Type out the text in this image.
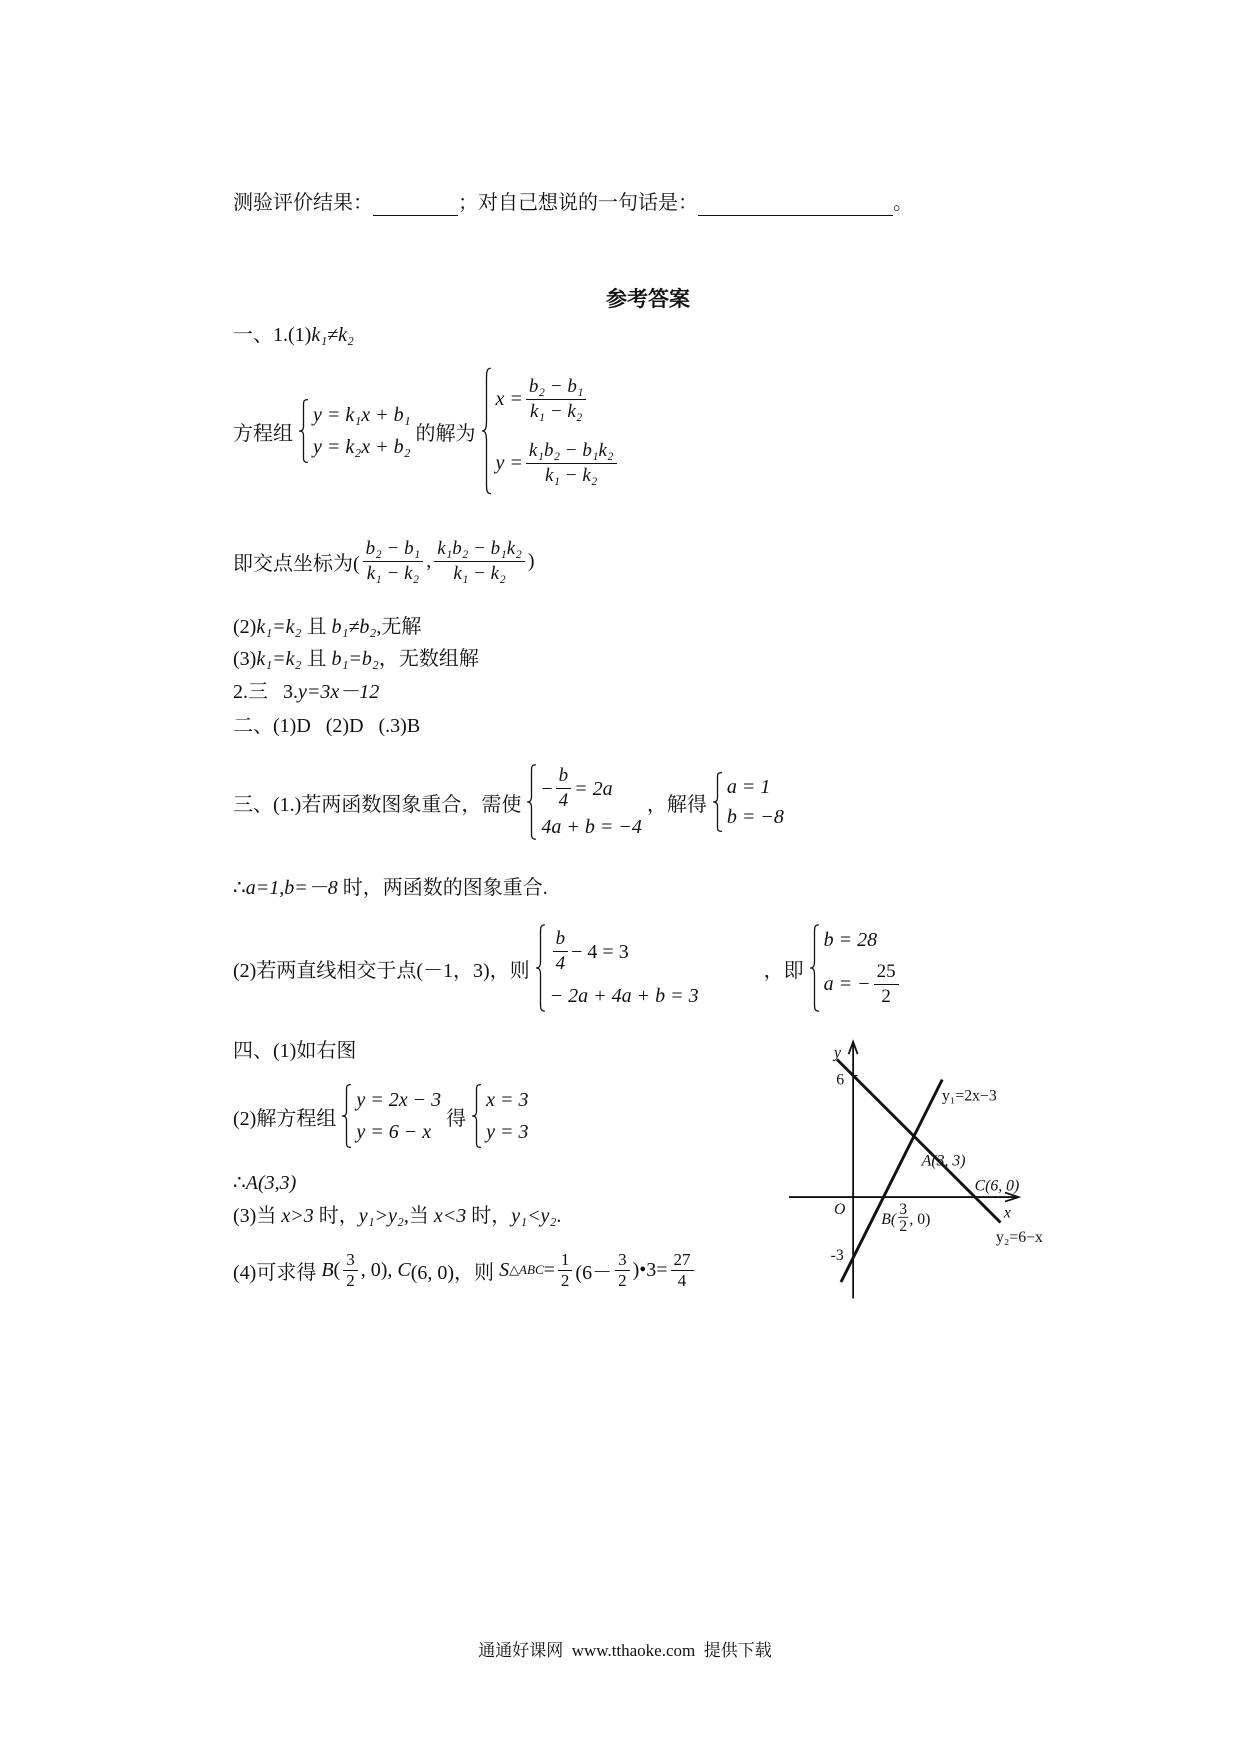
测验评价结果：	；对自己想说的一句话是：	。
参考答案
一、1.(1)k₁≠k₂
方程组
y = k₁x + b₁
y = k₂x + b₂
的解为
$x = \frac{\text{b₂ − b₁}}{\text{k₁ − k₂}}$
$y = \frac{\text{k₁b₂ − b₁k₂}}{\text{k₁ − k₂}}$
即交点坐标为( $\frac{\text{b₂ − b₁}}{\text{k₁ − k₂}}$ , $\frac{\text{k₁b₂ − b₁k₂}}{\text{k₁ − k₂}}$ )
(2)k₁=k₂ 且 b₁≠b₂,无解
(3)k₁=k₂ 且 b₁=b₂，无数组解
2.三   3.y=3x－12
二、(1)D   (2)D   (.3)B
三、(1.)若两函数图象重合，需使
− $\frac{b}{4} = 2a$
4a + b = −4
，解得
a = 1
b = −8
∴a=1,b=－8 时，两函数的图象重合.
(2)若两直线相交于点(－1，3)，则 $\frac{b}{4} - 4 = 3$
− 2a + 4a + b = 3
，即
b = 28
a = − $\frac{25}{2}$
四、(1)如右图
(2)解方程组
y = 2x − 3
y = 6 − x
得
x = 3
y = 3
∴A(3,3)
(3)当 x>3 时，y₁>y₂,当 x<3 时，y₁<y₂.
(4)可求得 B ( $\frac{3}{2}$ , 0), C (6, 0)，则 S △ABC = $\frac{1}{2} (6- \frac{3}{2}$ )•3= $\frac{27}{4}$
y
6
O
-3
x
y₁=2x−3
A(3, 3)
C(6, 0)
B(
3
2 , 0)
y₂=6−x
通通好课网  www.tthaoke.com  提供下载
